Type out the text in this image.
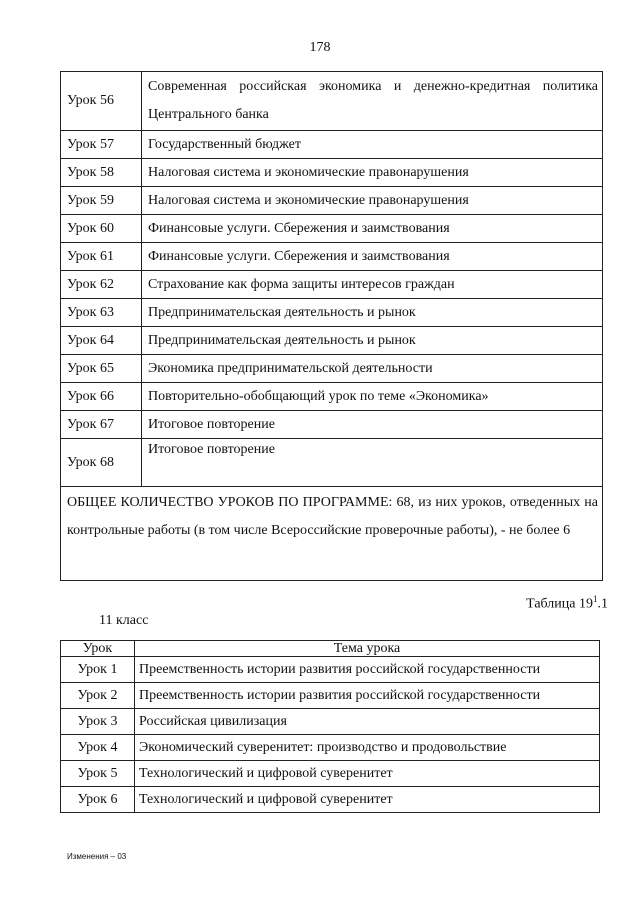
178
Урок 56	Современная российская экономика и денежно-кредитная политика Центрального банка
Урок 57	Государственный бюджет
Урок 58	Налоговая система и экономические правонарушения
Урок 59	Налоговая система и экономические правонарушения
Урок 60	Финансовые услуги. Сбережения и заимствования
Урок 61	Финансовые услуги. Сбережения и заимствования
Урок 62	Страхование как форма защиты интересов граждан
Урок 63	Предпринимательская деятельность и рынок
Урок 64	Предпринимательская деятельность и рынок
Урок 65	Экономика предпринимательской деятельности
Урок 66	Повторительно-обобщающий урок по теме «Экономика»
Урок 67	Итоговое повторение
Урок 68	Итоговое повторение
ОБЩЕЕ КОЛИЧЕСТВО УРОКОВ ПО ПРОГРАММЕ: 68, из них уроков, отведенных на контрольные работы (в том числе Всероссийские проверочные работы), - не более 6	
Таблица $19^1.1$
11 класс
Урок	Тема урока
Урок 1	Преемственность истории развития российской государственности
Урок 2	Преемственность истории развития российской государственности
Урок 3	Российская цивилизация
Урок 4	Экономический суверенитет: производство и продовольствие
Урок 5	Технологический и цифровой суверенитет
Урок 6	Технологический и цифровой суверенитет
Изменения – 03
